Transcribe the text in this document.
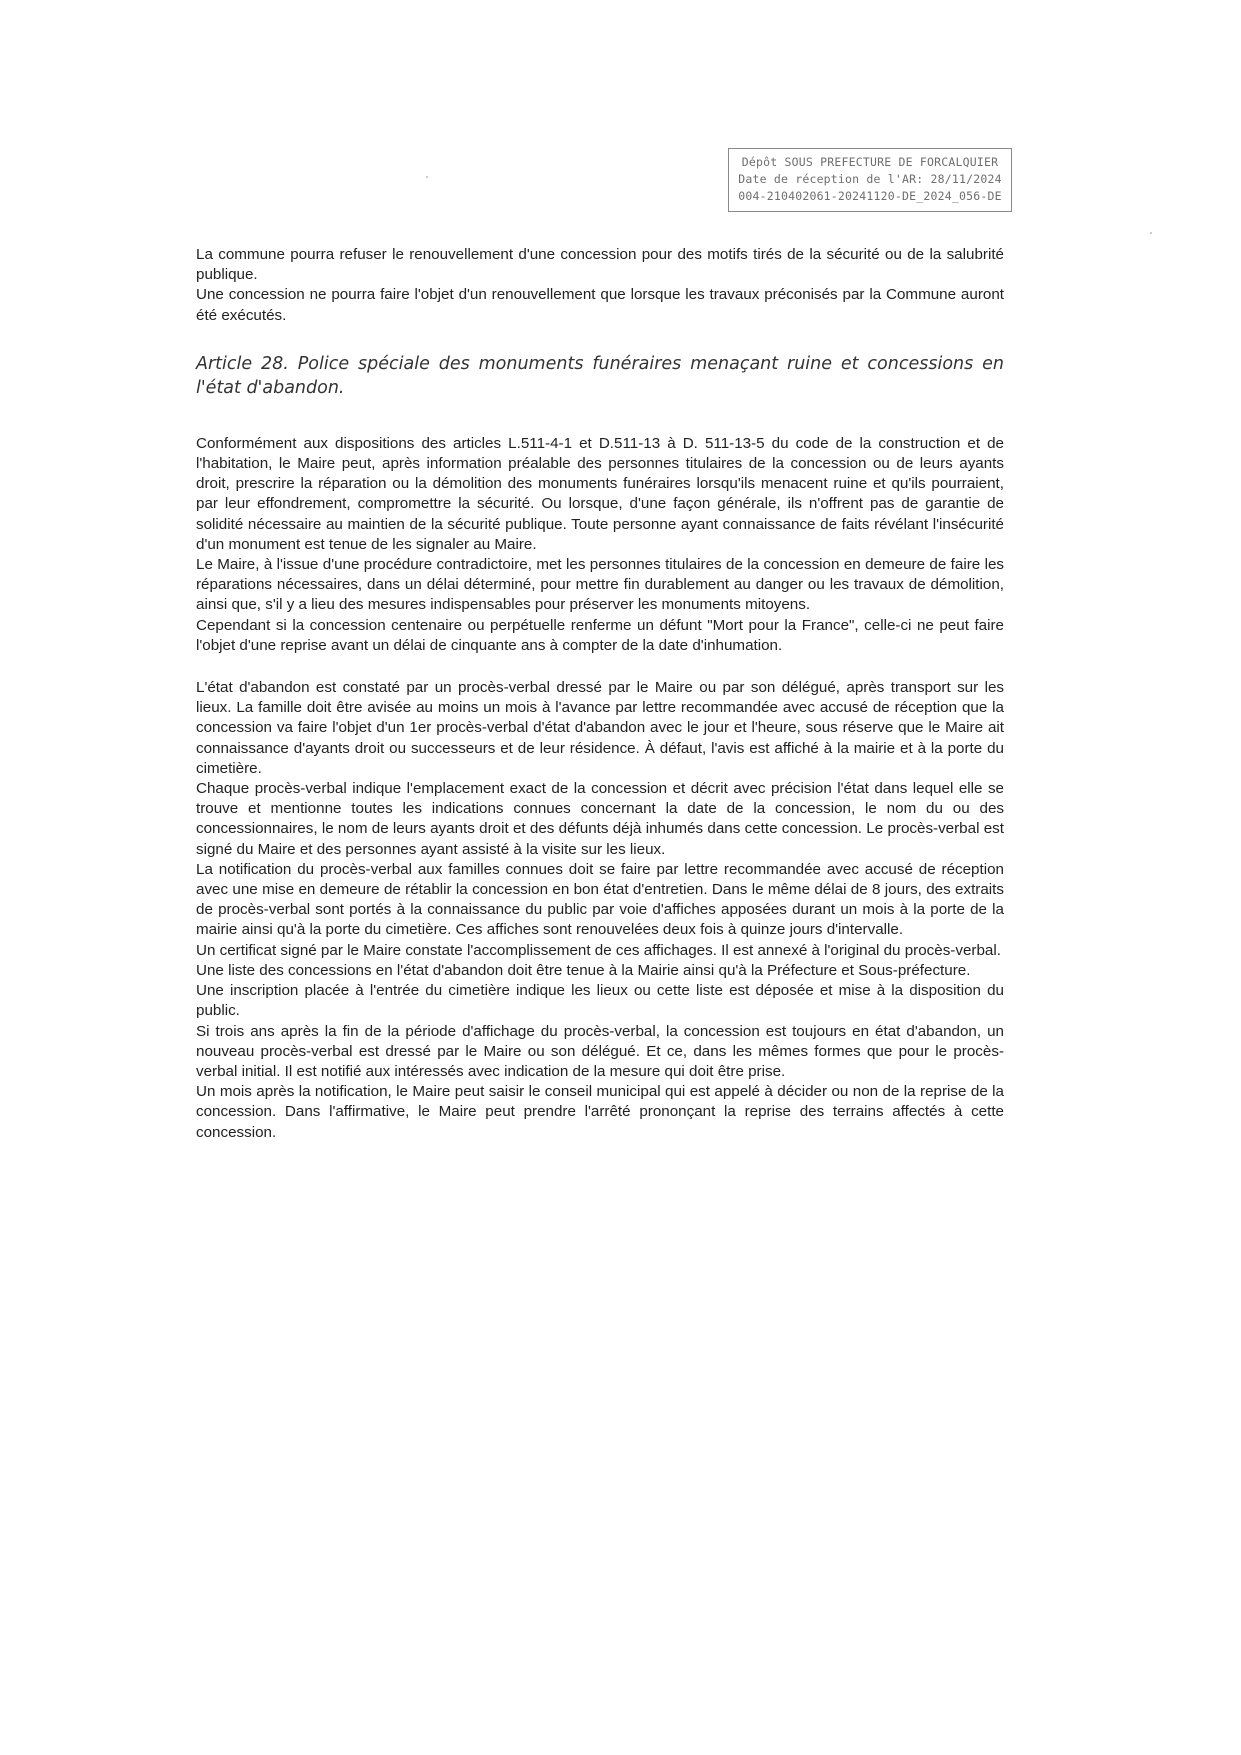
Dépôt SOUS PREFECTURE DE FORCALQUIER
Date de réception de l'AR: 28/11/2024
004-210402061-20241120-DE_2024_056-DE

La commune pourra refuser le renouvellement d'une concession pour des motifs tirés de la sécurité ou de la salubrité publique.

Une concession ne pourra faire l'objet d'un renouvellement que lorsque les travaux préconisés par la Commune auront été exécutés.

Article 28. Police spéciale des monuments funéraires menaçant ruine et concessions en l'état d'abandon.

Conformément aux dispositions des articles L.511-4-1 et D.511-13 à D. 511-13-5 du code de la construction et de l'habitation, le Maire peut, après information préalable des personnes titulaires de la concession ou de leurs ayants droit, prescrire la réparation ou la démolition des monuments funéraires lorsqu'ils menacent ruine et qu'ils pourraient, par leur effondrement, compromettre la sécurité. Ou lorsque, d'une façon générale, ils n'offrent pas de garantie de solidité nécessaire au maintien de la sécurité publique. Toute personne ayant connaissance de faits révélant l'insécurité d'un monument est tenue de les signaler au Maire.

Le Maire, à l'issue d'une procédure contradictoire, met les personnes titulaires de la concession en demeure de faire les réparations nécessaires, dans un délai déterminé, pour mettre fin durablement au danger ou les travaux de démolition, ainsi que, s'il y a lieu des mesures indispensables pour préserver les monuments mitoyens.

Cependant si la concession centenaire ou perpétuelle renferme un défunt "Mort pour la France", celle-ci ne peut faire l'objet d'une reprise avant un délai de cinquante ans à compter de la date d'inhumation.

L'état d'abandon est constaté par un procès-verbal dressé par le Maire ou par son délégué, après transport sur les lieux. La famille doit être avisée au moins un mois à l'avance par lettre recommandée avec accusé de réception que la concession va faire l'objet d'un 1er procès-verbal d'état d'abandon avec le jour et l'heure, sous réserve que le Maire ait connaissance d'ayants droit ou successeurs et de leur résidence. À défaut, l'avis est affiché à la mairie et à la porte du cimetière.

Chaque procès-verbal indique l'emplacement exact de la concession et décrit avec précision l'état dans lequel elle se trouve et mentionne toutes les indications connues concernant la date de la concession, le nom du ou des concessionnaires, le nom de leurs ayants droit et des défunts déjà inhumés dans cette concession. Le procès-verbal est signé du Maire et des personnes ayant assisté à la visite sur les lieux.

La notification du procès-verbal aux familles connues doit se faire par lettre recommandée avec accusé de réception avec une mise en demeure de rétablir la concession en bon état d'entretien. Dans le même délai de 8 jours, des extraits de procès-verbal sont portés à la connaissance du public par voie d'affiches apposées durant un mois à la porte de la mairie ainsi qu'à la porte du cimetière. Ces affiches sont renouvelées deux fois à quinze jours d'intervalle.

Un certificat signé par le Maire constate l'accomplissement de ces affichages. Il est annexé à l'original du procès-verbal.

Une liste des concessions en l'état d'abandon doit être tenue à la Mairie ainsi qu'à la Préfecture et Sous-préfecture.

Une inscription placée à l'entrée du cimetière indique les lieux ou cette liste est déposée et mise à la disposition du public.

Si trois ans après la fin de la période d'affichage du procès-verbal, la concession est toujours en état d'abandon, un nouveau procès-verbal est dressé par le Maire ou son délégué. Et ce, dans les mêmes formes que pour le procès-verbal initial. Il est notifié aux intéressés avec indication de la mesure qui doit être prise.

Un mois après la notification, le Maire peut saisir le conseil municipal qui est appelé à décider ou non de la reprise de la concession. Dans l'affirmative, le Maire peut prendre l'arrêté prononçant la reprise des terrains affectés à cette concession.
